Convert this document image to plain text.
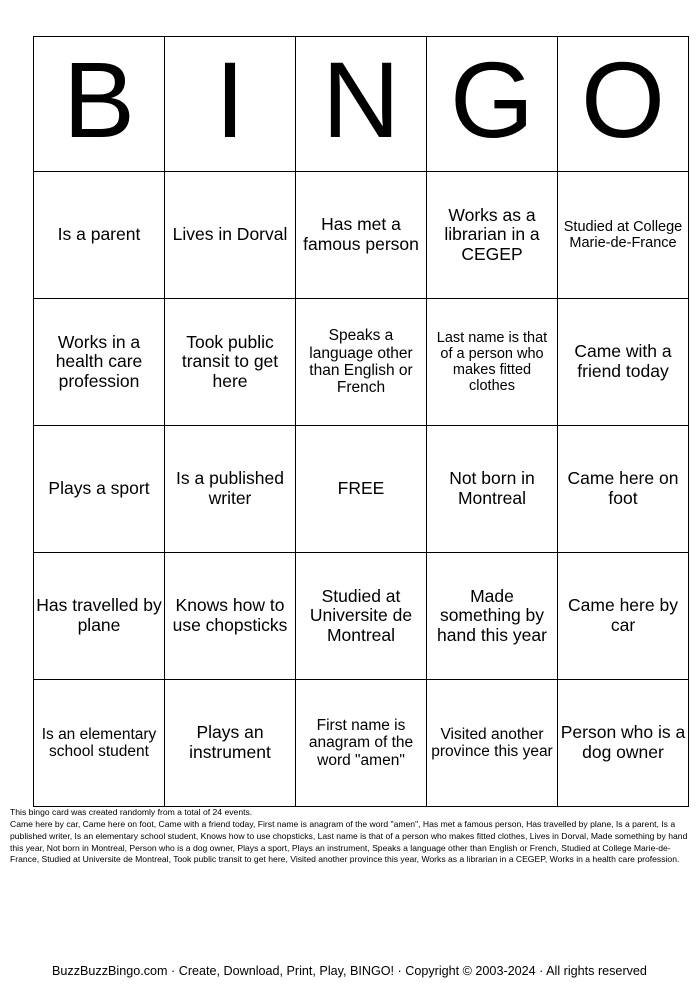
B	I	N	G	O
Is a parent	Lives in Dorval	Has met a famous person	Works as a librarian in a CEGEP	Studied at College Marie-de-France
Works in a health care profession	Took public transit to get here	Speaks a language other than English or French	Last name is that of a person who makes fitted clothes	Came with a friend today
Plays a sport	Is a published writer	FREE	Not born in Montreal	Came here on foot
Has travelled by plane	Knows how to use chopsticks	Studied at Universite de Montreal	Made something by hand this year	Came here by car
Is an elementary school student	Plays an instrument	First name is anagram of the word "amen"	Visited another province this year	Person who is a dog owner
This bingo card was created randomly from a total of 24 events.
Came here by car, Came here on foot, Came with a friend today, First name is anagram of the word "amen", Has met a famous person, Has travelled by plane, Is a parent, Is a published writer, Is an elementary school student, Knows how to use chopsticks, Last name is that of a person who makes fitted clothes, Lives in Dorval, Made something by hand this year, Not born in Montreal, Person who is a dog owner, Plays a sport, Plays an instrument, Speaks a language other than English or French, Studied at College Marie-de-France, Studied at Universite de Montreal, Took public transit to get here, Visited another province this year, Works as a librarian in a CEGEP, Works in a health care profession.
BuzzBuzzBingo.com · Create, Download, Print, Play, BINGO! · Copyright © 2003-2024 · All rights reserved
